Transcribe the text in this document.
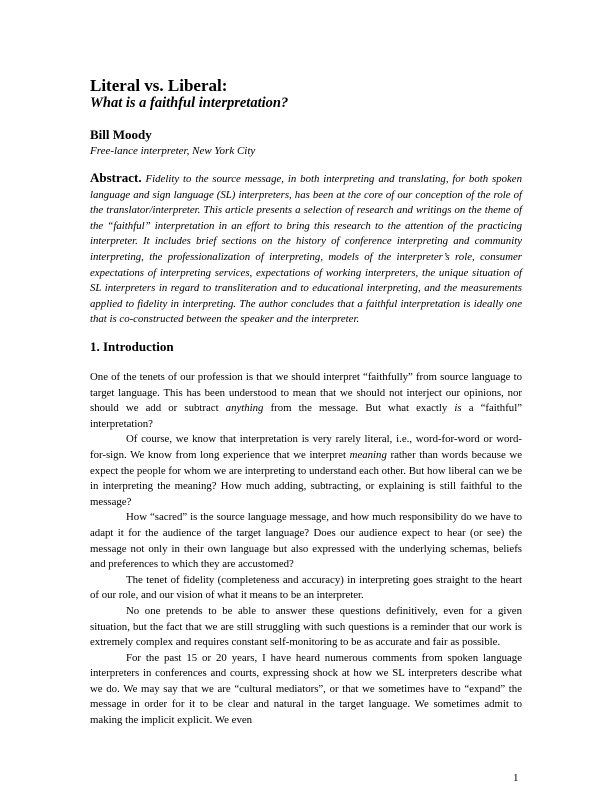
Literal vs. Liberal:
What is a faithful interpretation?
Bill Moody
Free-lance interpreter, New York City

Abstract. Fidelity to the source message, in both interpreting and translating, for both spoken language and sign language (SL) interpreters, has been at the core of our conception of the role of the translator/interpreter. This article presents a selection of research and writings on the theme of the “faithful” interpretation in an effort to bring this research to the attention of the practicing interpreter. It includes brief sections on the history of conference interpreting and community interpreting, the professionalization of interpreting, models of the interpreter’s role, consumer expectations of interpreting services, expectations of working interpreters, the unique situation of SL interpreters in regard to transliteration and to educational interpreting, and the measurements applied to fidelity in interpreting. The author concludes that a faithful interpretation is ideally one that is co-constructed between the speaker and the interpreter.

1. Introduction

One of the tenets of our profession is that we should interpret “faithfully” from source language to target language. This has been understood to mean that we should not interject our opinions, nor should we add or subtract anything from the message. But what exactly is a “faithful” interpretation?

Of course, we know that interpretation is very rarely literal, i.e., word-for-word or word-for-sign. We know from long experience that we interpret meaning rather than words because we expect the people for whom we are interpreting to understand each other. But how liberal can we be in interpreting the meaning? How much adding, subtracting, or explaining is still faithful to the message?

How “sacred” is the source language message, and how much responsibility do we have to adapt it for the audience of the target language? Does our audience expect to hear (or see) the message not only in their own language but also expressed with the underlying schemas, beliefs and preferences to which they are accustomed?

The tenet of fidelity (completeness and accuracy) in interpreting goes straight to the heart of our role, and our vision of what it means to be an interpreter.

No one pretends to be able to answer these questions definitively, even for a given situation, but the fact that we are still struggling with such questions is a reminder that our work is extremely complex and requires constant self-monitoring to be as accurate and fair as possible.

For the past 15 or 20 years, I have heard numerous comments from spoken language interpreters in conferences and courts, expressing shock at how we SL interpreters describe what we do. We may say that we are “cultural mediators”, or that we sometimes have to “expand” the message in order for it to be clear and natural in the target language. We sometimes admit to making the implicit explicit. We even

1
